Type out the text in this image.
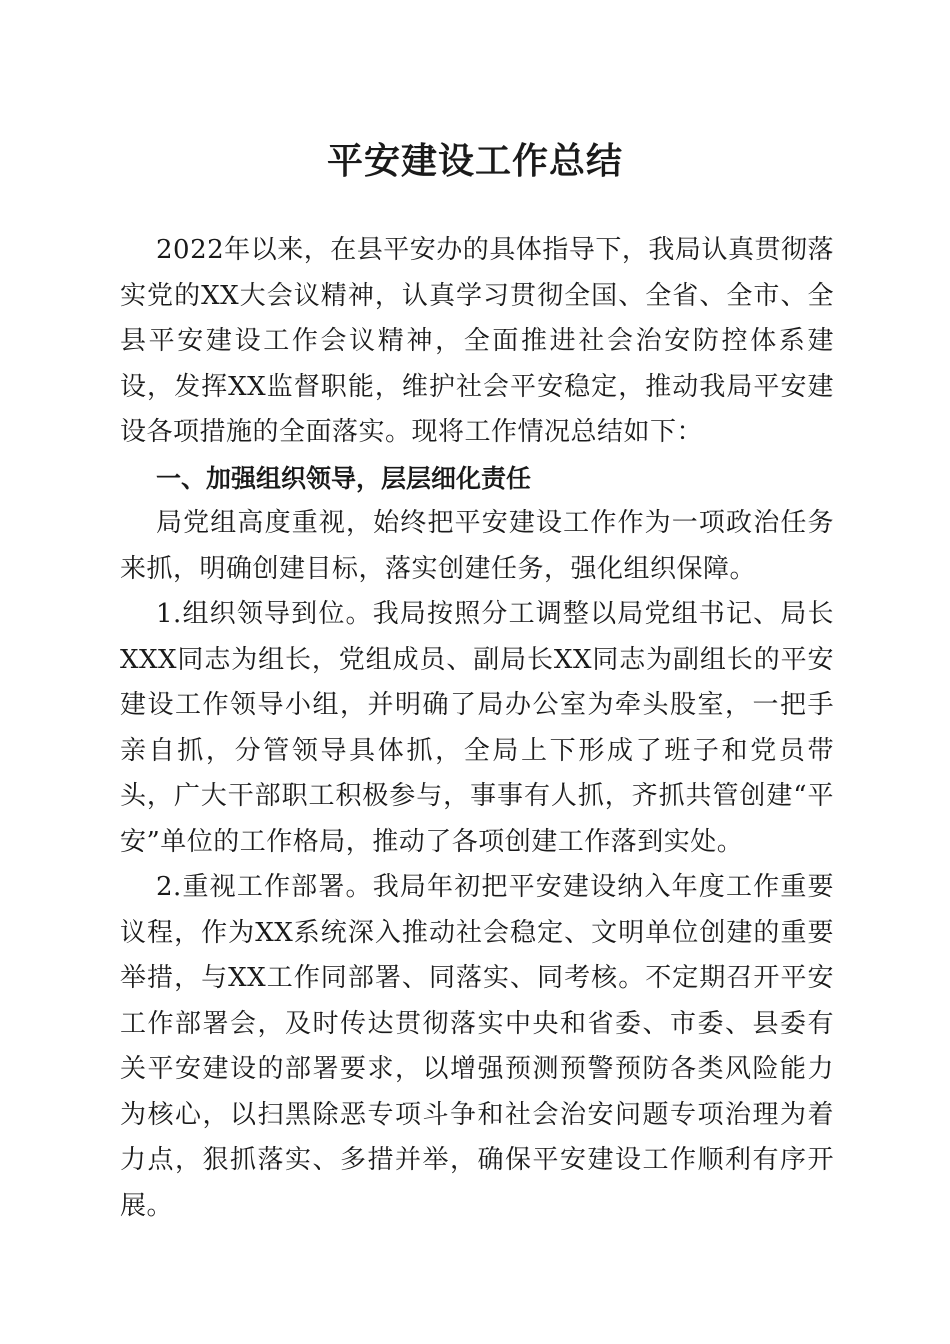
平安建设工作总结

2022年以来，在县平安办的具体指导下，我局认真贯彻落实党的XX大会议精神，认真学习贯彻全国、全省、全市、全县平安建设工作会议精神，全面推进社会治安防控体系建设，发挥XX监督职能，维护社会平安稳定，推动我局平安建设各项措施的全面落实。现将工作情况总结如下：

一、加强组织领导，层层细化责任

局党组高度重视，始终把平安建设工作作为一项政治任务来抓，明确创建目标，落实创建任务，强化组织保障。

1.组织领导到位。我局按照分工调整以局党组书记、局长XXX同志为组长，党组成员、副局长XX同志为副组长的平安建设工作领导小组，并明确了局办公室为牵头股室，一把手亲自抓，分管领导具体抓，全局上下形成了班子和党员带头，广大干部职工积极参与，事事有人抓，齐抓共管创建“平安”单位的工作格局，推动了各项创建工作落到实处。

2.重视工作部署。我局年初把平安建设纳入年度工作重要议程，作为XX系统深入推动社会稳定、文明单位创建的重要举措，与XX工作同部署、同落实、同考核。不定期召开平安工作部署会，及时传达贯彻落实中央和省委、市委、县委有关平安建设的部署要求，以增强预测预警预防各类风险能力为核心，以扫黑除恶专项斗争和社会治安问题专项治理为着力点，狠抓落实、多措并举，确保平安建设工作顺利有序开展。
